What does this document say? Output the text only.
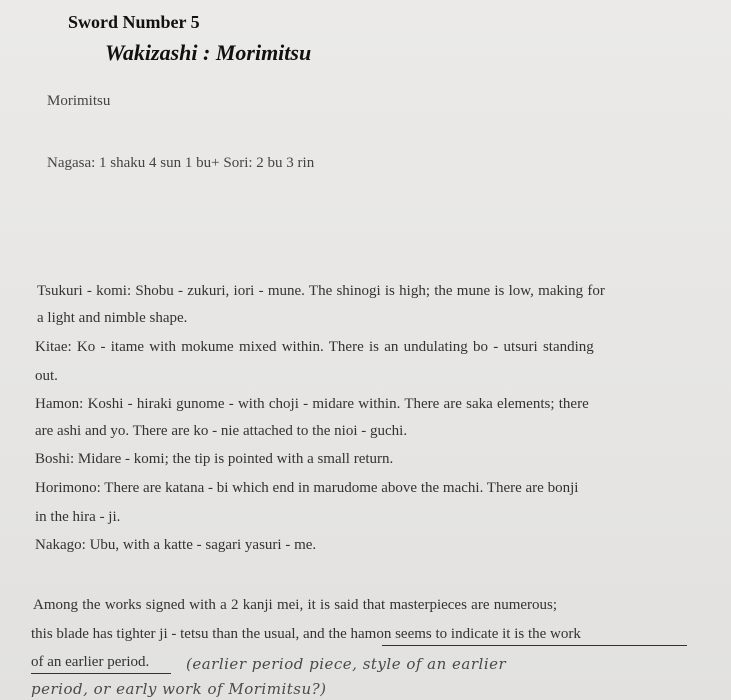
Sword Number 5
Wakizashi : Morimitsu
Morimitsu
Nagasa: 1 shaku 4 sun 1 bu+ Sori: 2 bu 3 rin
Tsukuri - komi: Shobu - zukuri, iori - mune. The shinogi is high; the mune is low, making for
a light and nimble shape.
Kitae: Ko - itame with mokume mixed within. There is an undulating bo - utsuri standing
out.
Hamon: Koshi - hiraki gunome - with choji - midare within. There are saka elements; there
are ashi and yo. There are ko - nie attached to the nioi - guchi.
Boshi: Midare - komi; the tip is pointed with a small return.
Horimono: There are katana - bi which end in marudome above the machi. There are bonji
in the hira - ji.
Nakago: Ubu, with a katte - sagari yasuri - me.
Among the works signed with a 2 kanji mei, it is said that masterpieces are numerous;
this blade has tighter ji - tetsu than the usual, and the hamon seems to indicate it is the work
of an earlier period. (earlier period piece, style of an earlier
period, or early work of Morimitsu?)
